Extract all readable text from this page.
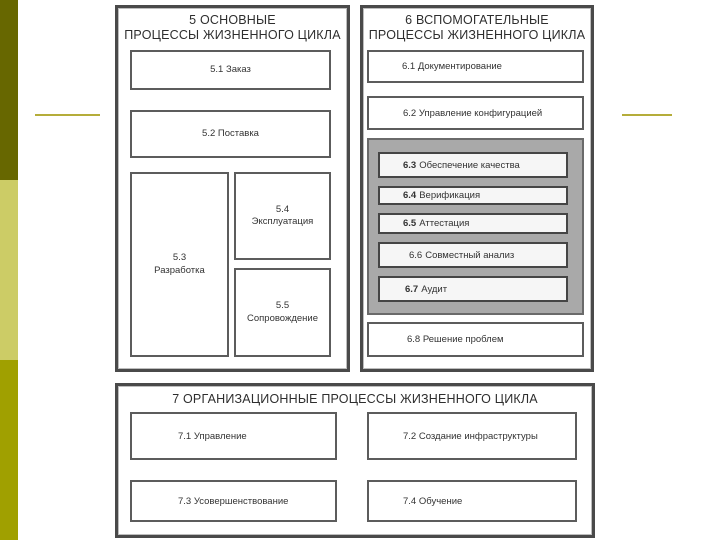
5 ОСНОВНЫЕ
ПРОЦЕССЫ ЖИЗНЕННОГО ЦИКЛА
5.1 Заказ
5.2 Поставка
5.3
Разработка
5.4
Эксплуатация
5.5
Сопровождение
6 ВСПОМОГАТЕЛЬНЫЕ
ПРОЦЕССЫ ЖИЗНЕННОГО ЦИКЛА
6.1 Документирование
6.2 Управление конфигурацией
6.3 Обеспечение качества
6.4 Верификация
6.5 Аттестация
6.6 Совместный анализ
6.7 Аудит
6.8 Решение проблем
7 ОРГАНИЗАЦИОННЫЕ ПРОЦЕССЫ ЖИЗНЕННОГО ЦИКЛА
7.1 Управление	7.2 Создание инфраструктуры
7.3 Усовершенствование	7.4 Обучение
